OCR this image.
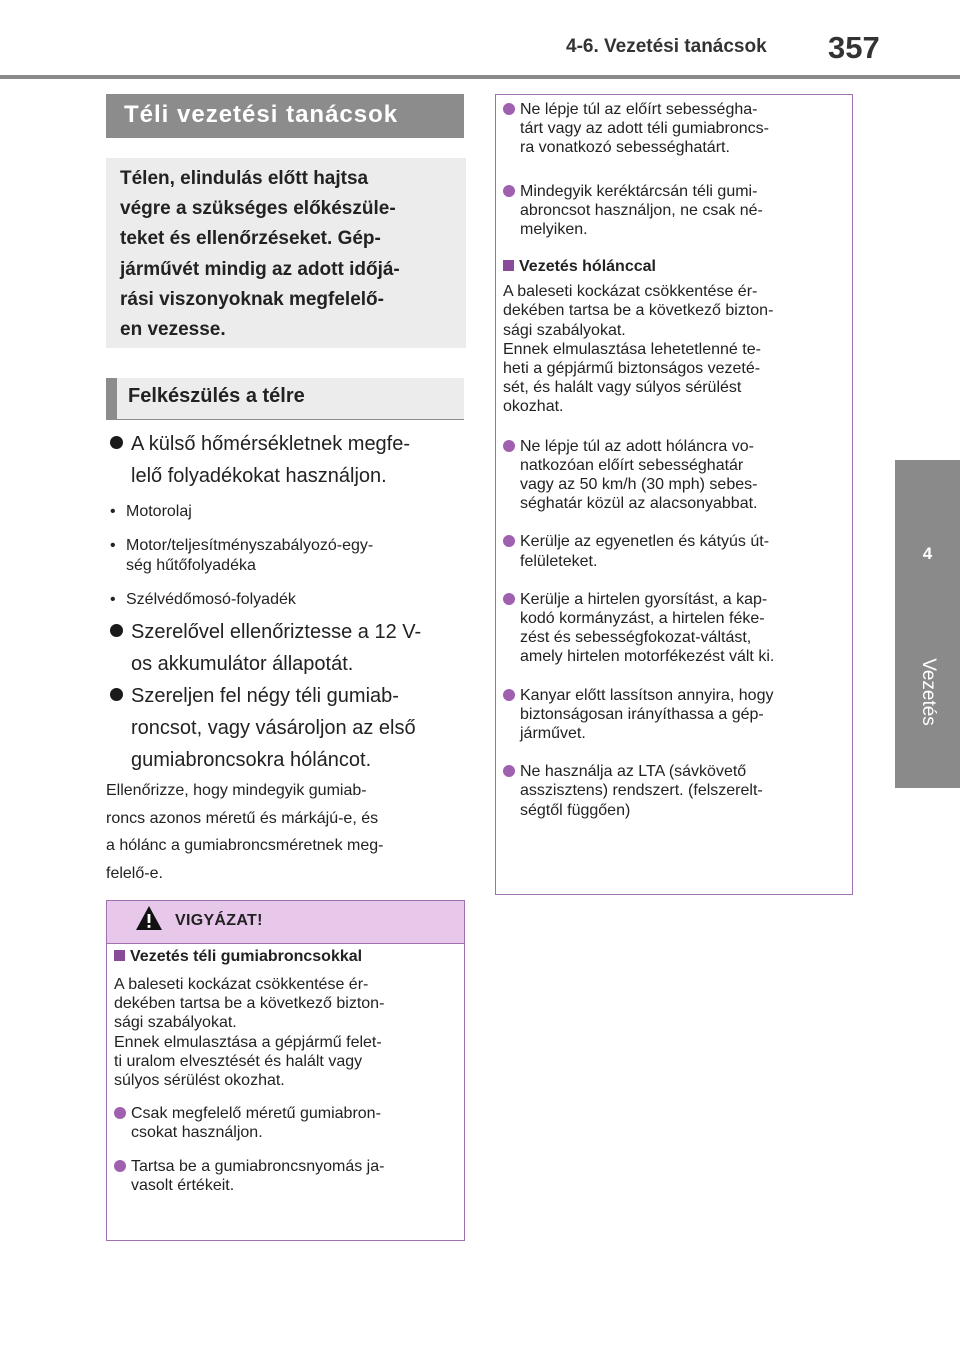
4-6. Vezetési tanácsok 357
4
Vezetés
Téli vezetési tanácsok
Télen, elindulás előtt hajtsa
végre a szükséges előkészüle-
teket és ellenőrzéseket. Gép-
járművét mindig az adott időjá-
rási viszonyoknak megfelelő-
en vezesse.
Felkészülés a télre
A külső hőmérsékletnek megfe-
lelő folyadékokat használjon.
• Motorolaj
• Motor/teljesítményszabályozó-egy-
ség hűtőfolyadéka
• Szélvédőmosó-folyadék
Szerelővel ellenőriztesse a 12 V-
os akkumulátor állapotát.
Szereljen fel négy téli gumiab-
roncsot, vagy vásároljon az első
gumiabroncsokra hóláncot.
Ellenőrizze, hogy mindegyik gumiab-
roncs azonos méretű és márkájú-e, és
a hólánc a gumiabroncsméretnek meg-
felelő-e.
VIGYÁZAT!
Vezetés téli gumiabroncsokkal
A baleseti kockázat csökkentése ér-
dekében tartsa be a következő bizton-
sági szabályokat.
Ennek elmulasztása a gépjármű felet-
ti uralom elvesztését és halált vagy
súlyos sérülést okozhat.
Csak megfelelő méretű gumiabron-
csokat használjon.
Tartsa be a gumiabroncsnyomás ja-
vasolt értékeit.
Ne lépje túl az előírt sebességha-
tárt vagy az adott téli gumiabroncs-
ra vonatkozó sebességhatárt.
Mindegyik keréktárcsán téli gumi-
abroncsot használjon, ne csak né-
melyiken.
Vezetés hólánccal
A baleseti kockázat csökkentése ér-
dekében tartsa be a következő bizton-
sági szabályokat.
Ennek elmulasztása lehetetlenné te-
heti a gépjármű biztonságos vezeté-
sét, és halált vagy súlyos sérülést
okozhat.
Ne lépje túl az adott hóláncra vo-
natkozóan előírt sebességhatár
vagy az 50 km/h (30 mph) sebes-
séghatár közül az alacsonyabbat.
Kerülje az egyenetlen és kátyús út-
felületeket.
Kerülje a hirtelen gyorsítást, a kap-
kodó kormányzást, a hirtelen féke-
zést és sebességfokozat-váltást,
amely hirtelen motorfékezést vált ki.
Kanyar előtt lassítson annyira, hogy
biztonságosan irányíthassa a gép-
járművet.
Ne használja az LTA (sávkövető
asszisztens) rendszert. (felszerelt-
ségtől függően)
